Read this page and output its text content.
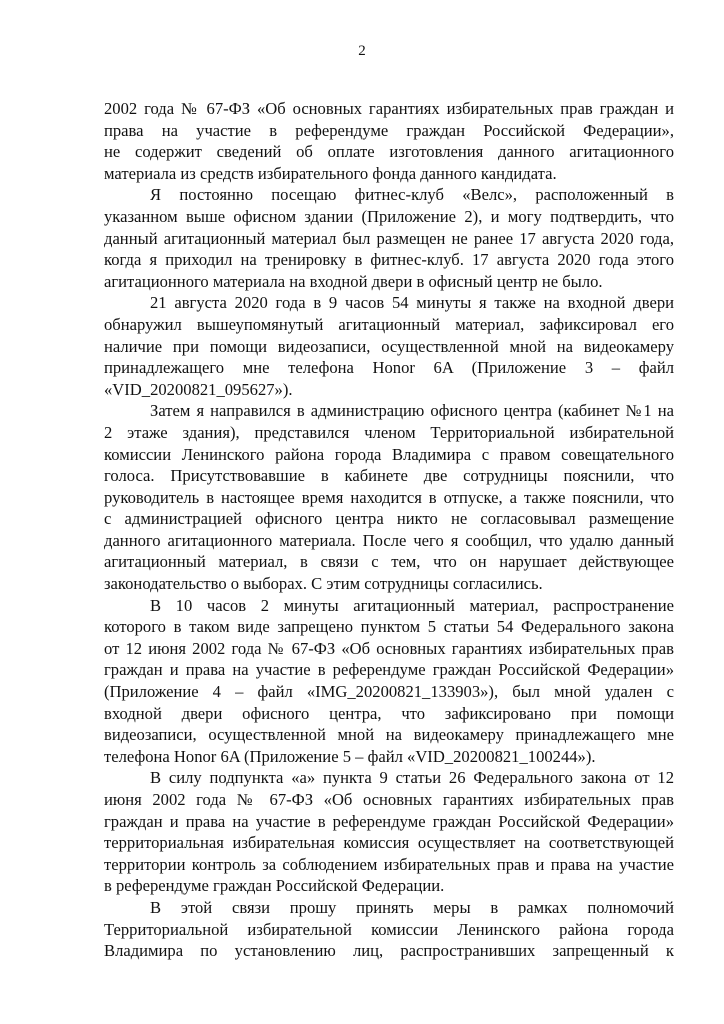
2
2002 года № 67-ФЗ «Об основных гарантиях избирательных прав граждан и
права на участие в референдуме граждан Российской Федерации»,
не содержит сведений об оплате изготовления данного агитационного
материала из средств избирательного фонда данного кандидата.
Я постоянно посещаю фитнес-клуб «Велс», расположенный в
указанном выше офисном здании (Приложение 2), и могу подтвердить, что
данный агитационный материал был размещен не ранее 17 августа 2020 года,
когда я приходил на тренировку в фитнес-клуб. 17 августа 2020 года этого
агитационного материала на входной двери в офисный центр не было.
21 августа 2020 года в 9 часов 54 минуты я также на входной двери
обнаружил вышеупомянутый агитационный материал, зафиксировал его
наличие при помощи видеозаписи, осуществленной мной на видеокамеру
принадлежащего мне телефона Honor 6A (Приложение 3 – файл
«VID_20200821_095627»).
Затем я направился в администрацию офисного центра (кабинет №1 на
2 этаже здания), представился членом Территориальной избирательной
комиссии Ленинского района города Владимира с правом совещательного
голоса. Присутствовавшие в кабинете две сотрудницы пояснили, что
руководитель в настоящее время находится в отпуске, а также пояснили, что
с администрацией офисного центра никто не согласовывал размещение
данного агитационного материала. После чего я сообщил, что удалю данный
агитационный материал, в связи с тем, что он нарушает действующее
законодательство о выборах. С этим сотрудницы согласились.
В 10 часов 2 минуты агитационный материал, распространение
которого в таком виде запрещено пунктом 5 статьи 54 Федерального закона
от 12 июня 2002 года № 67-ФЗ «Об основных гарантиях избирательных прав
граждан и права на участие в референдуме граждан Российской Федерации»
(Приложение 4 – файл «IMG_20200821_133903»), был мной удален с
входной двери офисного центра, что зафиксировано при помощи
видеозаписи, осуществленной мной на видеокамеру принадлежащего мне
телефона Honor 6A (Приложение 5 – файл «VID_20200821_100244»).
В силу подпункта «а» пункта 9 статьи 26 Федерального закона от 12
июня 2002 года № 67-ФЗ «Об основных гарантиях избирательных прав
граждан и права на участие в референдуме граждан Российской Федерации»
территориальная избирательная комиссия осуществляет на соответствующей
территории контроль за соблюдением избирательных прав и права на участие
в референдуме граждан Российской Федерации.
В этой связи прошу принять меры в рамках полномочий
Территориальной избирательной комиссии Ленинского района города
Владимира по установлению лиц, распространивших запрещенный к
